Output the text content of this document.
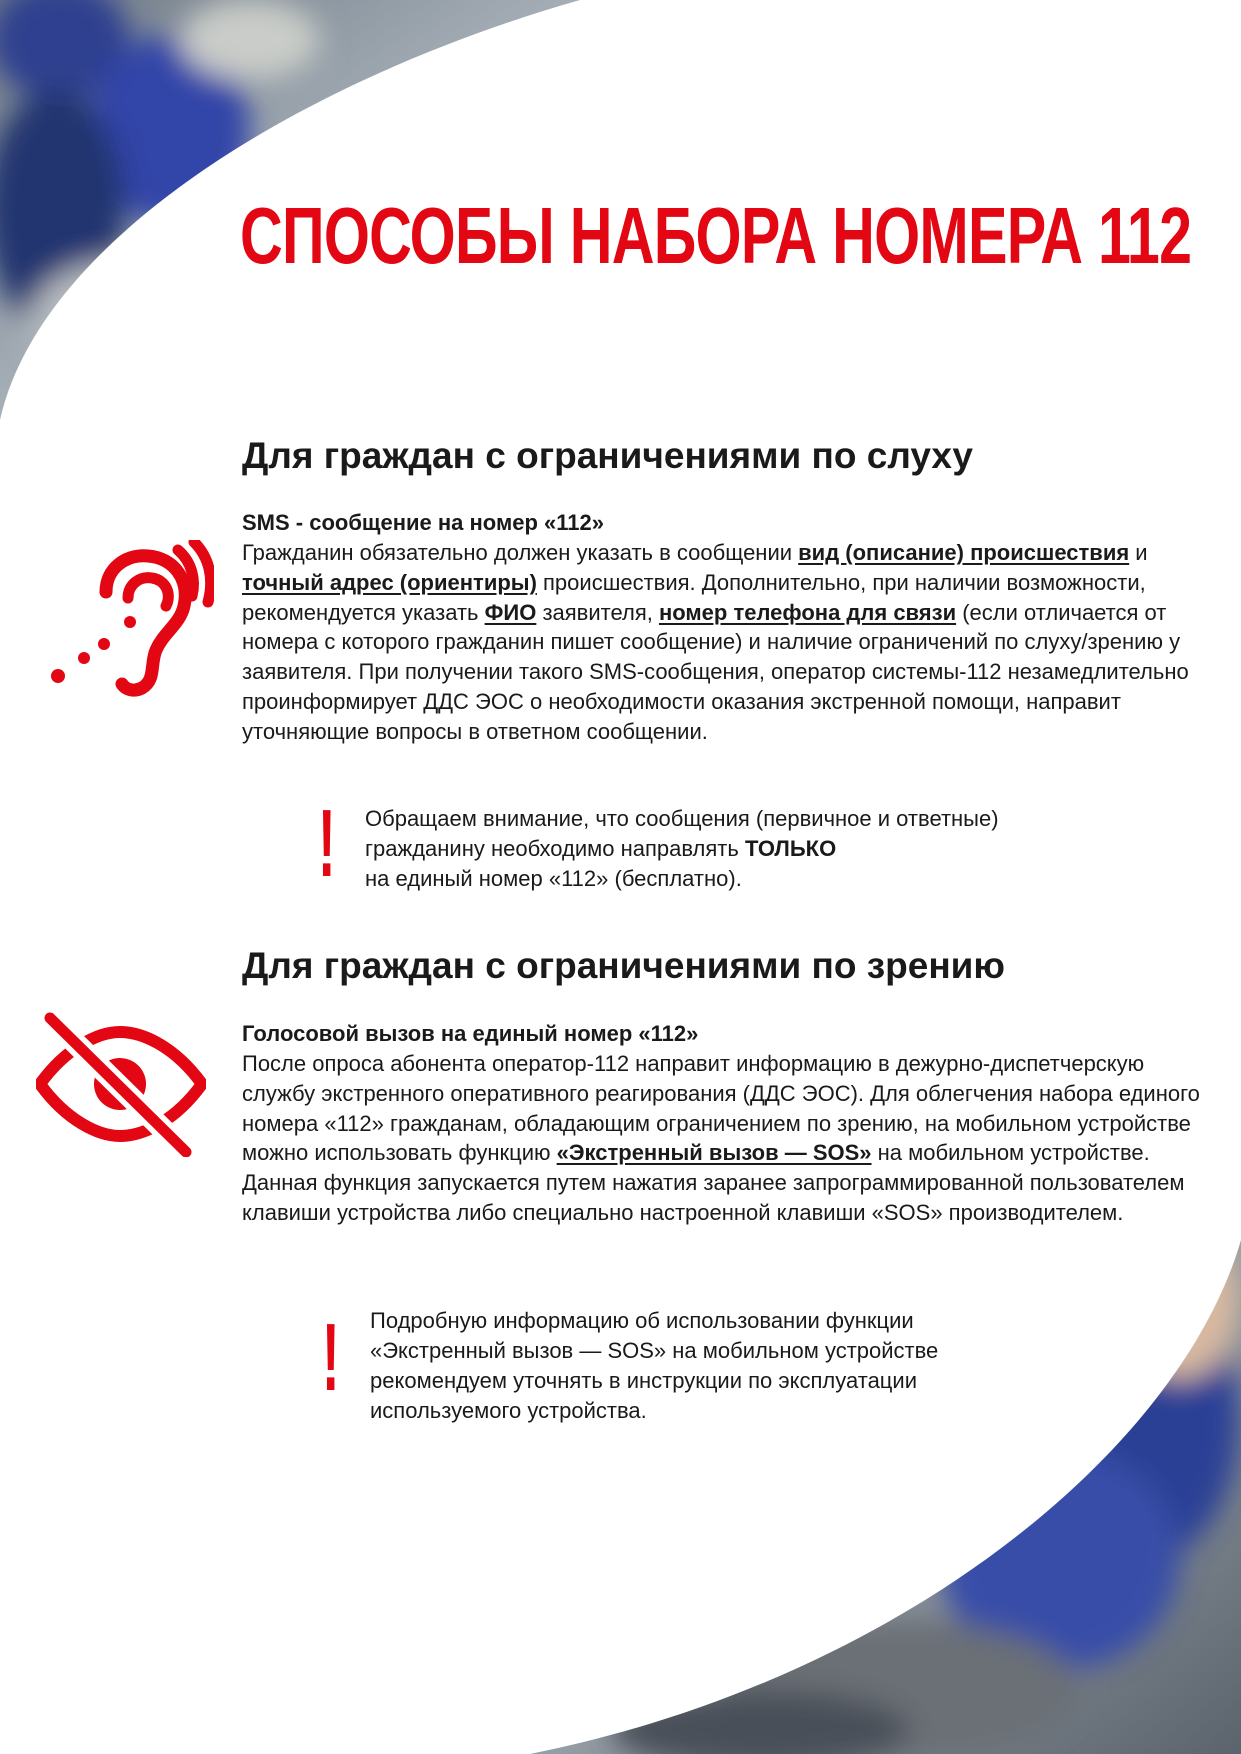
СПОСОБЫ НАБОРА НОМЕРА 112
Для граждан с ограничениями по слуху
SMS - сообщение на номер «112»

Гражданин обязательно должен указать в сообщении вид (описание) происшествия и точный адрес (ориентиры) происшествия. Дополнительно, при наличии возможности, рекомендуется указать ФИО заявителя, номер телефона для связи (если отличается от номера с которого гражданин пишет сообщение) и наличие ограничений по слуху/зрению у заявителя. При получении такого SMS-сообщения, оператор системы-112 незамедлительно проинформирует ДДС ЭОС о необходимости оказания экстренной помощи, направит уточняющие вопросы в ответном сообщении.

! Обращаем внимание, что сообщения (первичное и ответные)
гражданину необходимо направлять ТОЛЬКО
на единый номер «112» (бесплатно).
Для граждан с ограничениями по зрению
Голосовой вызов на единый номер «112»

После опроса абонента оператор-112 направит информацию в дежурно-диспетчерскую службу экстренного оперативного реагирования (ДДС ЭОС). Для облегчения набора единого номера «112» гражданам, обладающим ограничением по зрению, на мобильном устройстве можно использовать функцию «Экстренный вызов — SOS» на мобильном устройстве. Данная функция запускается путем нажатия заранее запрограммированной пользователем клавиши устройства либо специально настроенной клавиши «SOS» производителем.

! Подробную информацию об использовании функции
«Экстренный вызов — SOS» на мобильном устройстве
рекомендуем уточнять в инструкции по эксплуатации
используемого устройства.
